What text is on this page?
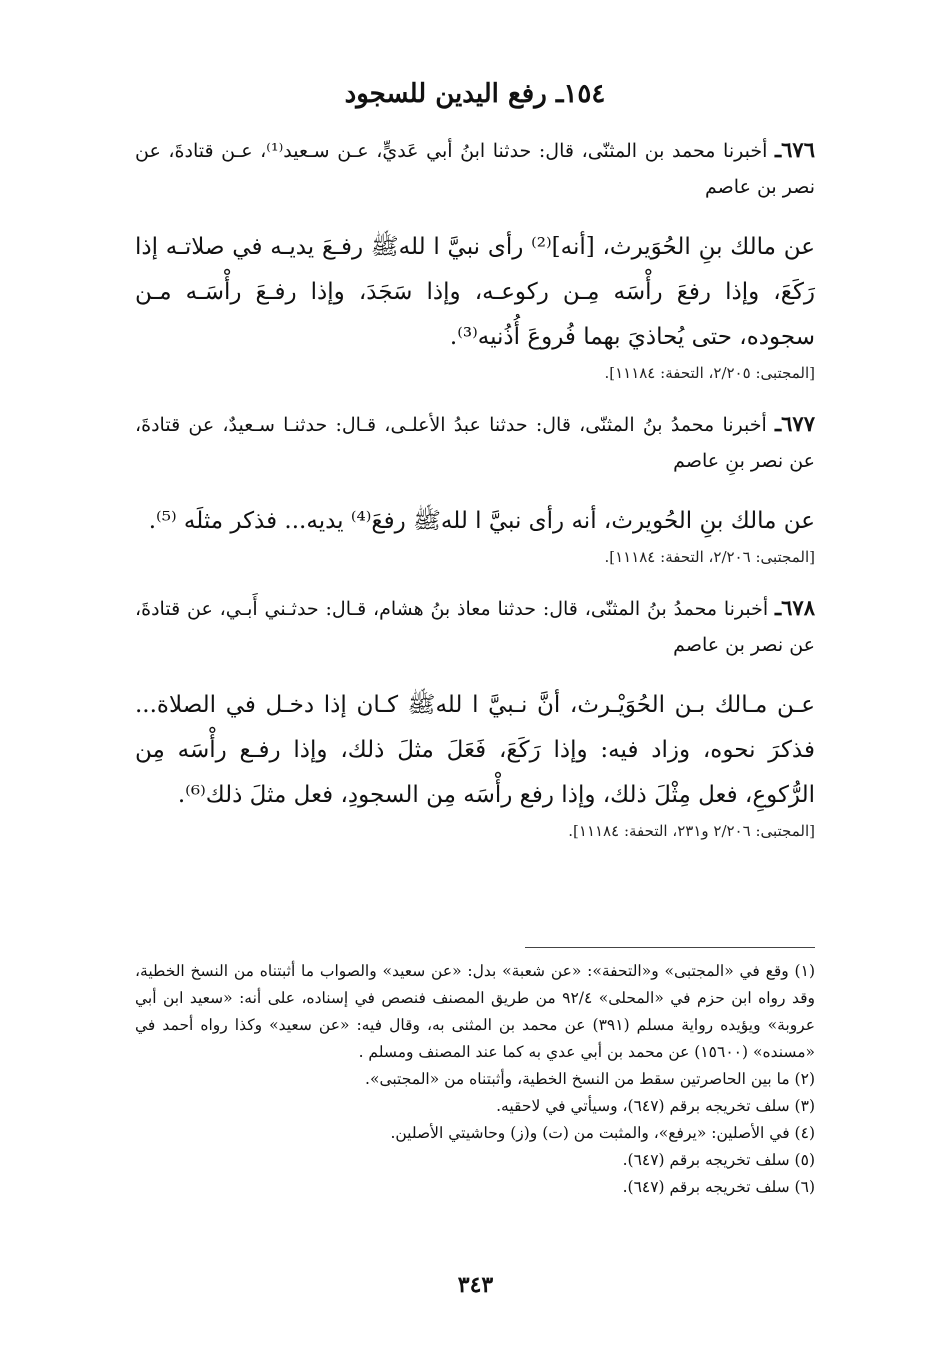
١٥٤ـ رفع اليدين للسجود

٦٧٦ـ أخبرنا محمد بن المثنّى، قال: حدثنا ابنُ أبي عَديٍّ، عـن سـعيد⁽¹⁾، عـن قتادةَ، عن نصر بن عاصم

عن مالك بنِ الحُوَيرث، [أنه]⁽²⁾ رأى نبيَّ ا للهﷺ رفـعَ يديـه في صلاتـه إذا رَكَعَ، وإذا رفعَ رأْسَه مِـن ركوعـه، وإذا سَجَدَ، وإذا رفـعَ رأْسَـه مـن سجوده، حتى يُحاذيَ بهما فُروعَ أُذُنيه⁽³⁾.

[المجتبى: ٢/٢٠٥، التحفة: ١١١٨٤].

٦٧٧ـ أخبرنا محمدُ بنُ المثنّى، قال: حدثنا عبدُ الأعلـى، قـال: حدثنـا سـعيدٌ، عن قتادةَ، عن نصر بنِ عاصم

عن مالك بنِ الحُويرث، أنه رأى نبيَّ ا للهﷺ رفعَ⁽⁴⁾ يديه... فذكر مثلَه ⁽⁵⁾.

[المجتبى: ٢/٢٠٦، التحفة: ١١١٨٤].

٦٧٨ـ أخبرنا محمدُ بنُ المثنّى، قال: حدثنا معاذ بنُ هشام، قـال: حدثـني أَبـي، عن قتادةَ، عن نصر بن عاصم

عـن مـالك بـن الحُوَيْـرث، أنَّ نـبيَّ ا للهﷺ كـان إذا دخـل في الصلاة... فذكرَ نحوه، وزاد فيه: وإذا رَكَعَ، فَعَلَ مثلَ ذلك، وإذا رفـع رأْسَه مِن الرُّكوعِ، فعل مِثْلَ ذلك، وإذا رفع رأْسَه مِن السجودِ، فعل مثلَ ذلك⁽⁶⁾.

[المجتبى: ٢/٢٠٦ و٢٣١، التحفة: ١١١٨٤].

(١) وقع في «المجتبى» و«التحفة»: «عن شعبة» بدل: «عن سعيد» والصواب ما أثبتناه من النسخ الخطية، وقد رواه ابن حزم في «المحلى» ٩٢/٤ من طريق المصنف فنصص في إسناده، على أنه: «سعيد ابن أبي عروبة» ويؤيده رواية مسلم (٣٩١) عن محمد بن المثنى به، وقال فيه: «عن سعيد» وكذا رواه أحمد في «مسنده» (١٥٦٠٠) عن محمد بن أبي عدي به كما عند المصنف ومسلم .

(٢) ما بين الحاصرتين سقط من النسخ الخطية، وأثبتناه من «المجتبى».

(٣) سلف تخريجه برقم (٦٤٧)، وسيأتي في لاحقيه.

(٤) في الأصلين: «يرفع»، والمثبت من (ت) و(ز) وحاشيتي الأصلين.

(٥) سلف تخريجه برقم (٦٤٧).

(٦) سلف تخريجه برقم (٦٤٧).

٣٤٣
